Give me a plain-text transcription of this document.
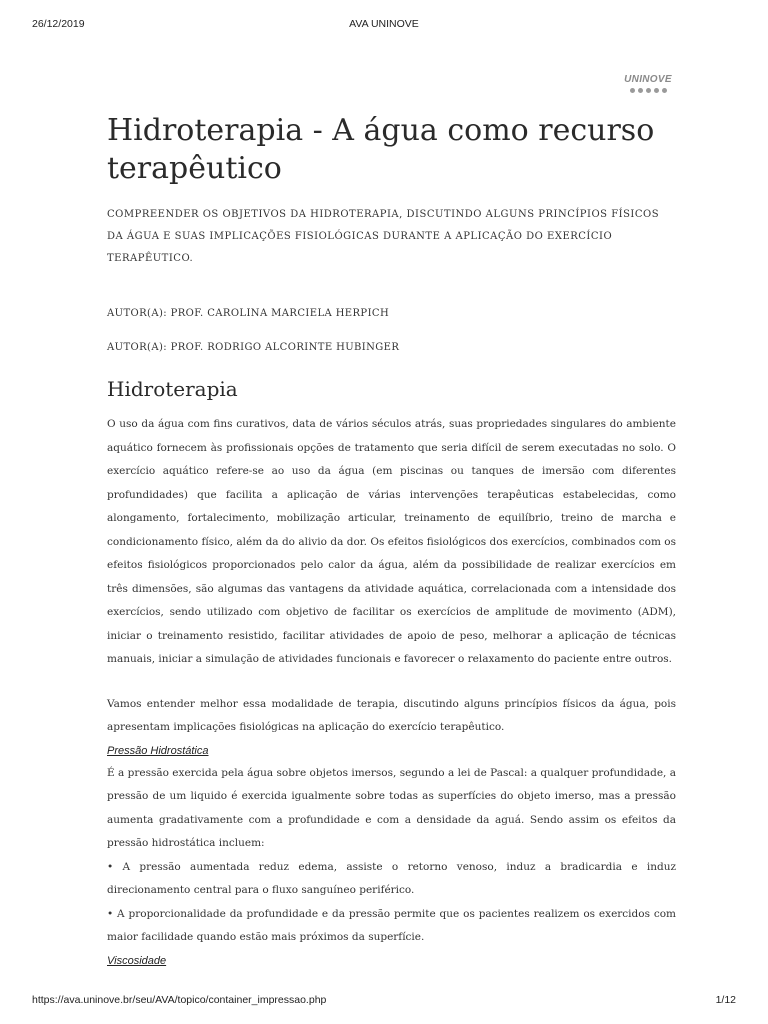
26/12/2019	AVA UNINOVE
UNINOVE
Hidroterapia - A água como recurso terapêutico

COMPREENDER OS OBJETIVOS DA HIDROTERAPIA, DISCUTINDO ALGUNS PRINCÍPIOS FÍSICOS DA ÁGUA E SUAS IMPLICAÇÕES FISIOLÓGICAS DURANTE A APLICAÇÃO DO EXERCÍCIO TERAPÊUTICO.

AUTOR(A): PROF. CAROLINA MARCIELA HERPICH

AUTOR(A): PROF. RODRIGO ALCORINTE HUBINGER

Hidroterapia

O uso da água com fins curativos, data de vários séculos atrás, suas propriedades singulares do ambiente aquático fornecem às profissionais opções de tratamento que seria difícil de serem executadas no solo. O exercício aquático refere-se ao uso da água (em piscinas ou tanques de imersão com diferentes profundidades) que facilita a aplicação de várias intervenções terapêuticas estabelecidas, como alongamento, fortalecimento, mobilização articular, treinamento de equilíbrio, treino de marcha e condicionamento físico, além da do alivio da dor. Os efeitos fisiológicos dos exercícios, combinados com os efeitos fisiológicos proporcionados pelo calor da água, além da possibilidade de realizar exercícios em três dimensões, são algumas das vantagens da atividade aquática, correlacionada com a intensidade dos exercícios, sendo utilizado com objetivo de facilitar os exercícios de amplitude de movimento (ADM), iniciar o treinamento resistido, facilitar atividades de apoio de peso, melhorar a aplicação de técnicas manuais, iniciar a simulação de atividades funcionais e favorecer o relaxamento do paciente entre outros.

Vamos entender melhor essa modalidade de terapia, discutindo alguns princípios físicos da água, pois apresentam implicações fisiológicas na aplicação do exercício terapêutico.

Pressão Hidrostática

É a pressão exercida pela água sobre objetos imersos, segundo a lei de Pascal: a qualquer profundidade, a pressão de um liquido é exercida igualmente sobre todas as superfícies do objeto imerso, mas a pressão aumenta gradativamente com a profundidade e com a densidade da aguá. Sendo assim os efeitos da pressão hidrostática incluem:

• A pressão aumentada reduz edema, assiste o retorno venoso, induz a bradicardia e induz direcionamento central para o fluxo sanguíneo periférico.

• A proporcionalidade da profundidade e da pressão permite que os pacientes realizem os exercidos com maior facilidade quando estão mais próximos da superfície.

Viscosidade
https://ava.uninove.br/seu/AVA/topico/container_impressao.php	1/12
